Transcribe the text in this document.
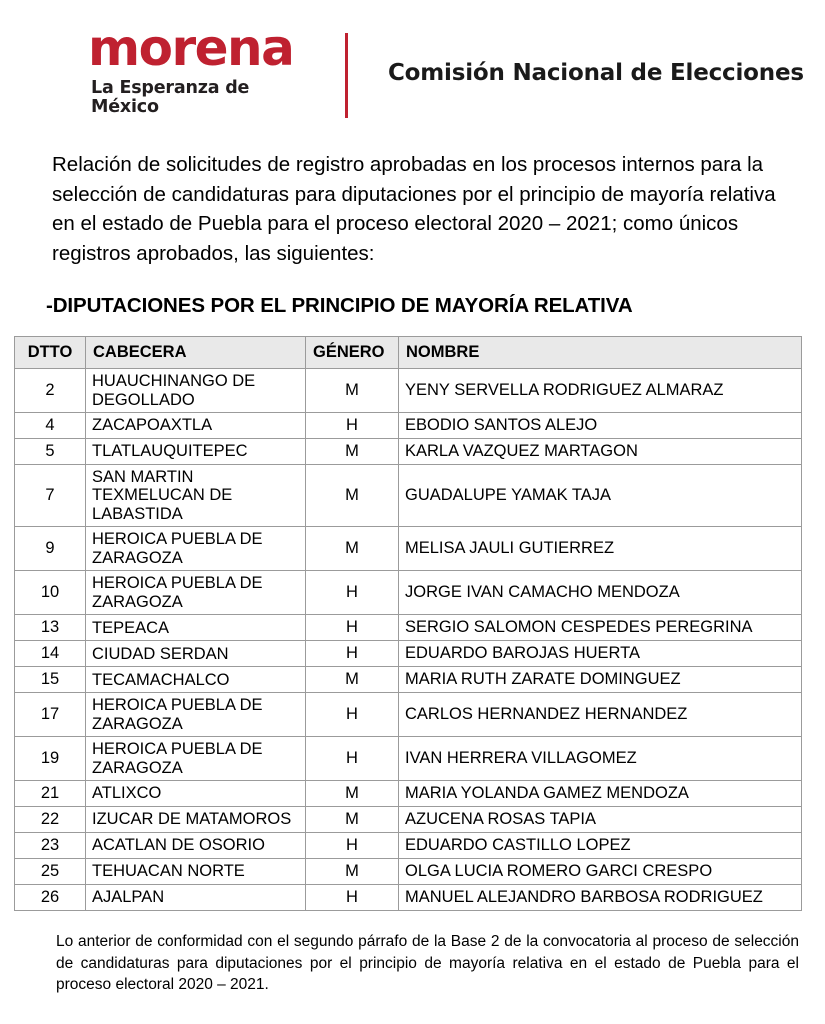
morena
La Esperanza de México
Comisión Nacional de Elecciones

Relación de solicitudes de registro aprobadas en los procesos internos para la selección de candidaturas para diputaciones por el principio de mayoría relativa en el estado de Puebla para el proceso electoral 2020 – 2021; como únicos registros aprobados, las siguientes:

-DIPUTACIONES POR EL PRINCIPIO DE MAYORÍA RELATIVA
DTTO	CABECERA	GÉNERO	NOMBRE
2	HUAUCHINANGO DE DEGOLLADO	M	YENY SERVELLA RODRIGUEZ ALMARAZ
4	ZACAPOAXTLA	H	EBODIO SANTOS ALEJO
5	TLATLAUQUITEPEC	M	KARLA VAZQUEZ MARTAGON
7	SAN MARTIN TEXMELUCAN DE LABASTIDA	M	GUADALUPE YAMAK TAJA
9	HEROICA PUEBLA DE ZARAGOZA	M	MELISA JAULI GUTIERREZ
10	HEROICA PUEBLA DE ZARAGOZA	H	JORGE IVAN CAMACHO MENDOZA
13	TEPEACA	H	SERGIO SALOMON CESPEDES PEREGRINA
14	CIUDAD SERDAN	H	EDUARDO BAROJAS HUERTA
15	TECAMACHALCO	M	MARIA RUTH ZARATE DOMINGUEZ
17	HEROICA PUEBLA DE ZARAGOZA	H	CARLOS HERNANDEZ HERNANDEZ
19	HEROICA PUEBLA DE ZARAGOZA	H	IVAN HERRERA VILLAGOMEZ
21	ATLIXCO	M	MARIA YOLANDA GAMEZ MENDOZA
22	IZUCAR DE MATAMOROS	M	AZUCENA ROSAS TAPIA
23	ACATLAN DE OSORIO	H	EDUARDO CASTILLO LOPEZ
25	TEHUACAN NORTE	M	OLGA LUCIA ROMERO GARCI CRESPO
26	AJALPAN	H	MANUEL ALEJANDRO BARBOSA RODRIGUEZ

Lo anterior de conformidad con el segundo párrafo de la Base 2 de la convocatoria al proceso de selección de candidaturas para diputaciones por el principio de mayoría relativa en el estado de Puebla para el proceso electoral 2020 – 2021.
